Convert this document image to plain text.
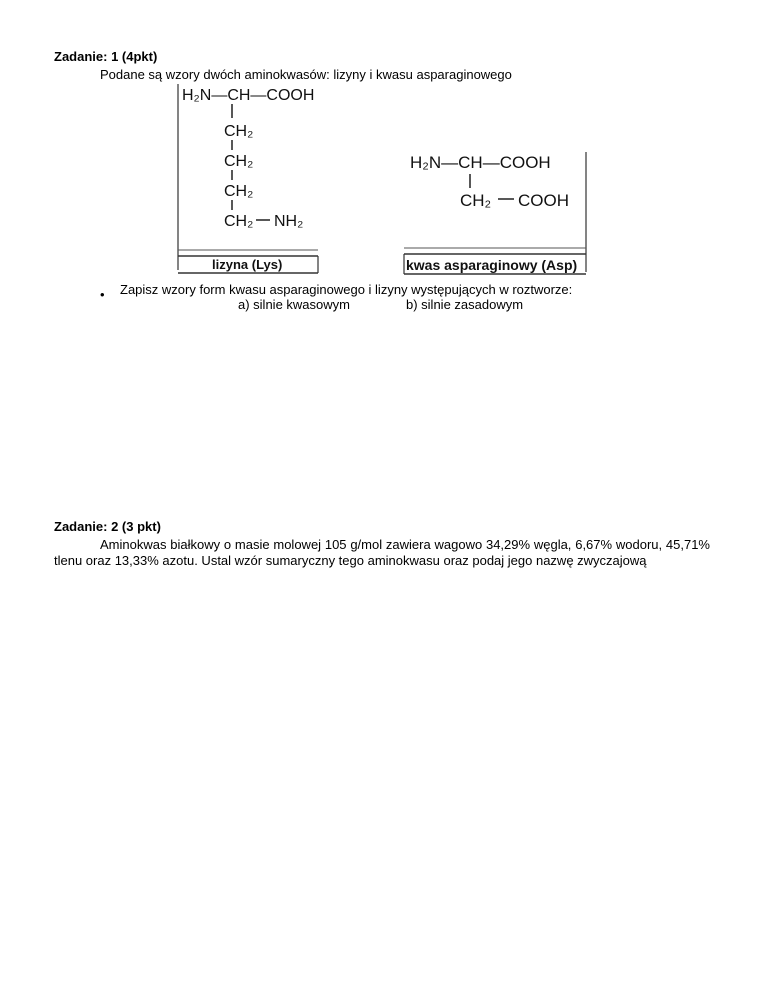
Zadanie: 1 (4pkt)
Podane są wzory dwóch aminokwasów: lizyny i kwasu asparaginowego
H₂N—CH—COOH
CH₂
CH₂
CH₂
CH₂ NH₂
lizyna (Lys)
H₂N—CH—COOH
CH₂ COOH
kwas asparaginowy (Asp)
• Zapisz wzory form kwasu asparaginowego i lizyny występujących w roztworze:
a) silnie kwasowym	b) silnie zasadowym
Zadanie: 2 (3 pkt)
Aminokwas białkowy o masie molowej 105 g/mol zawiera wagowo 34,29% węgla, 6,67% wodoru, 45,71% tlenu oraz 13,33% azotu. Ustal wzór sumaryczny tego aminokwasu oraz podaj jego nazwę zwyczajową
